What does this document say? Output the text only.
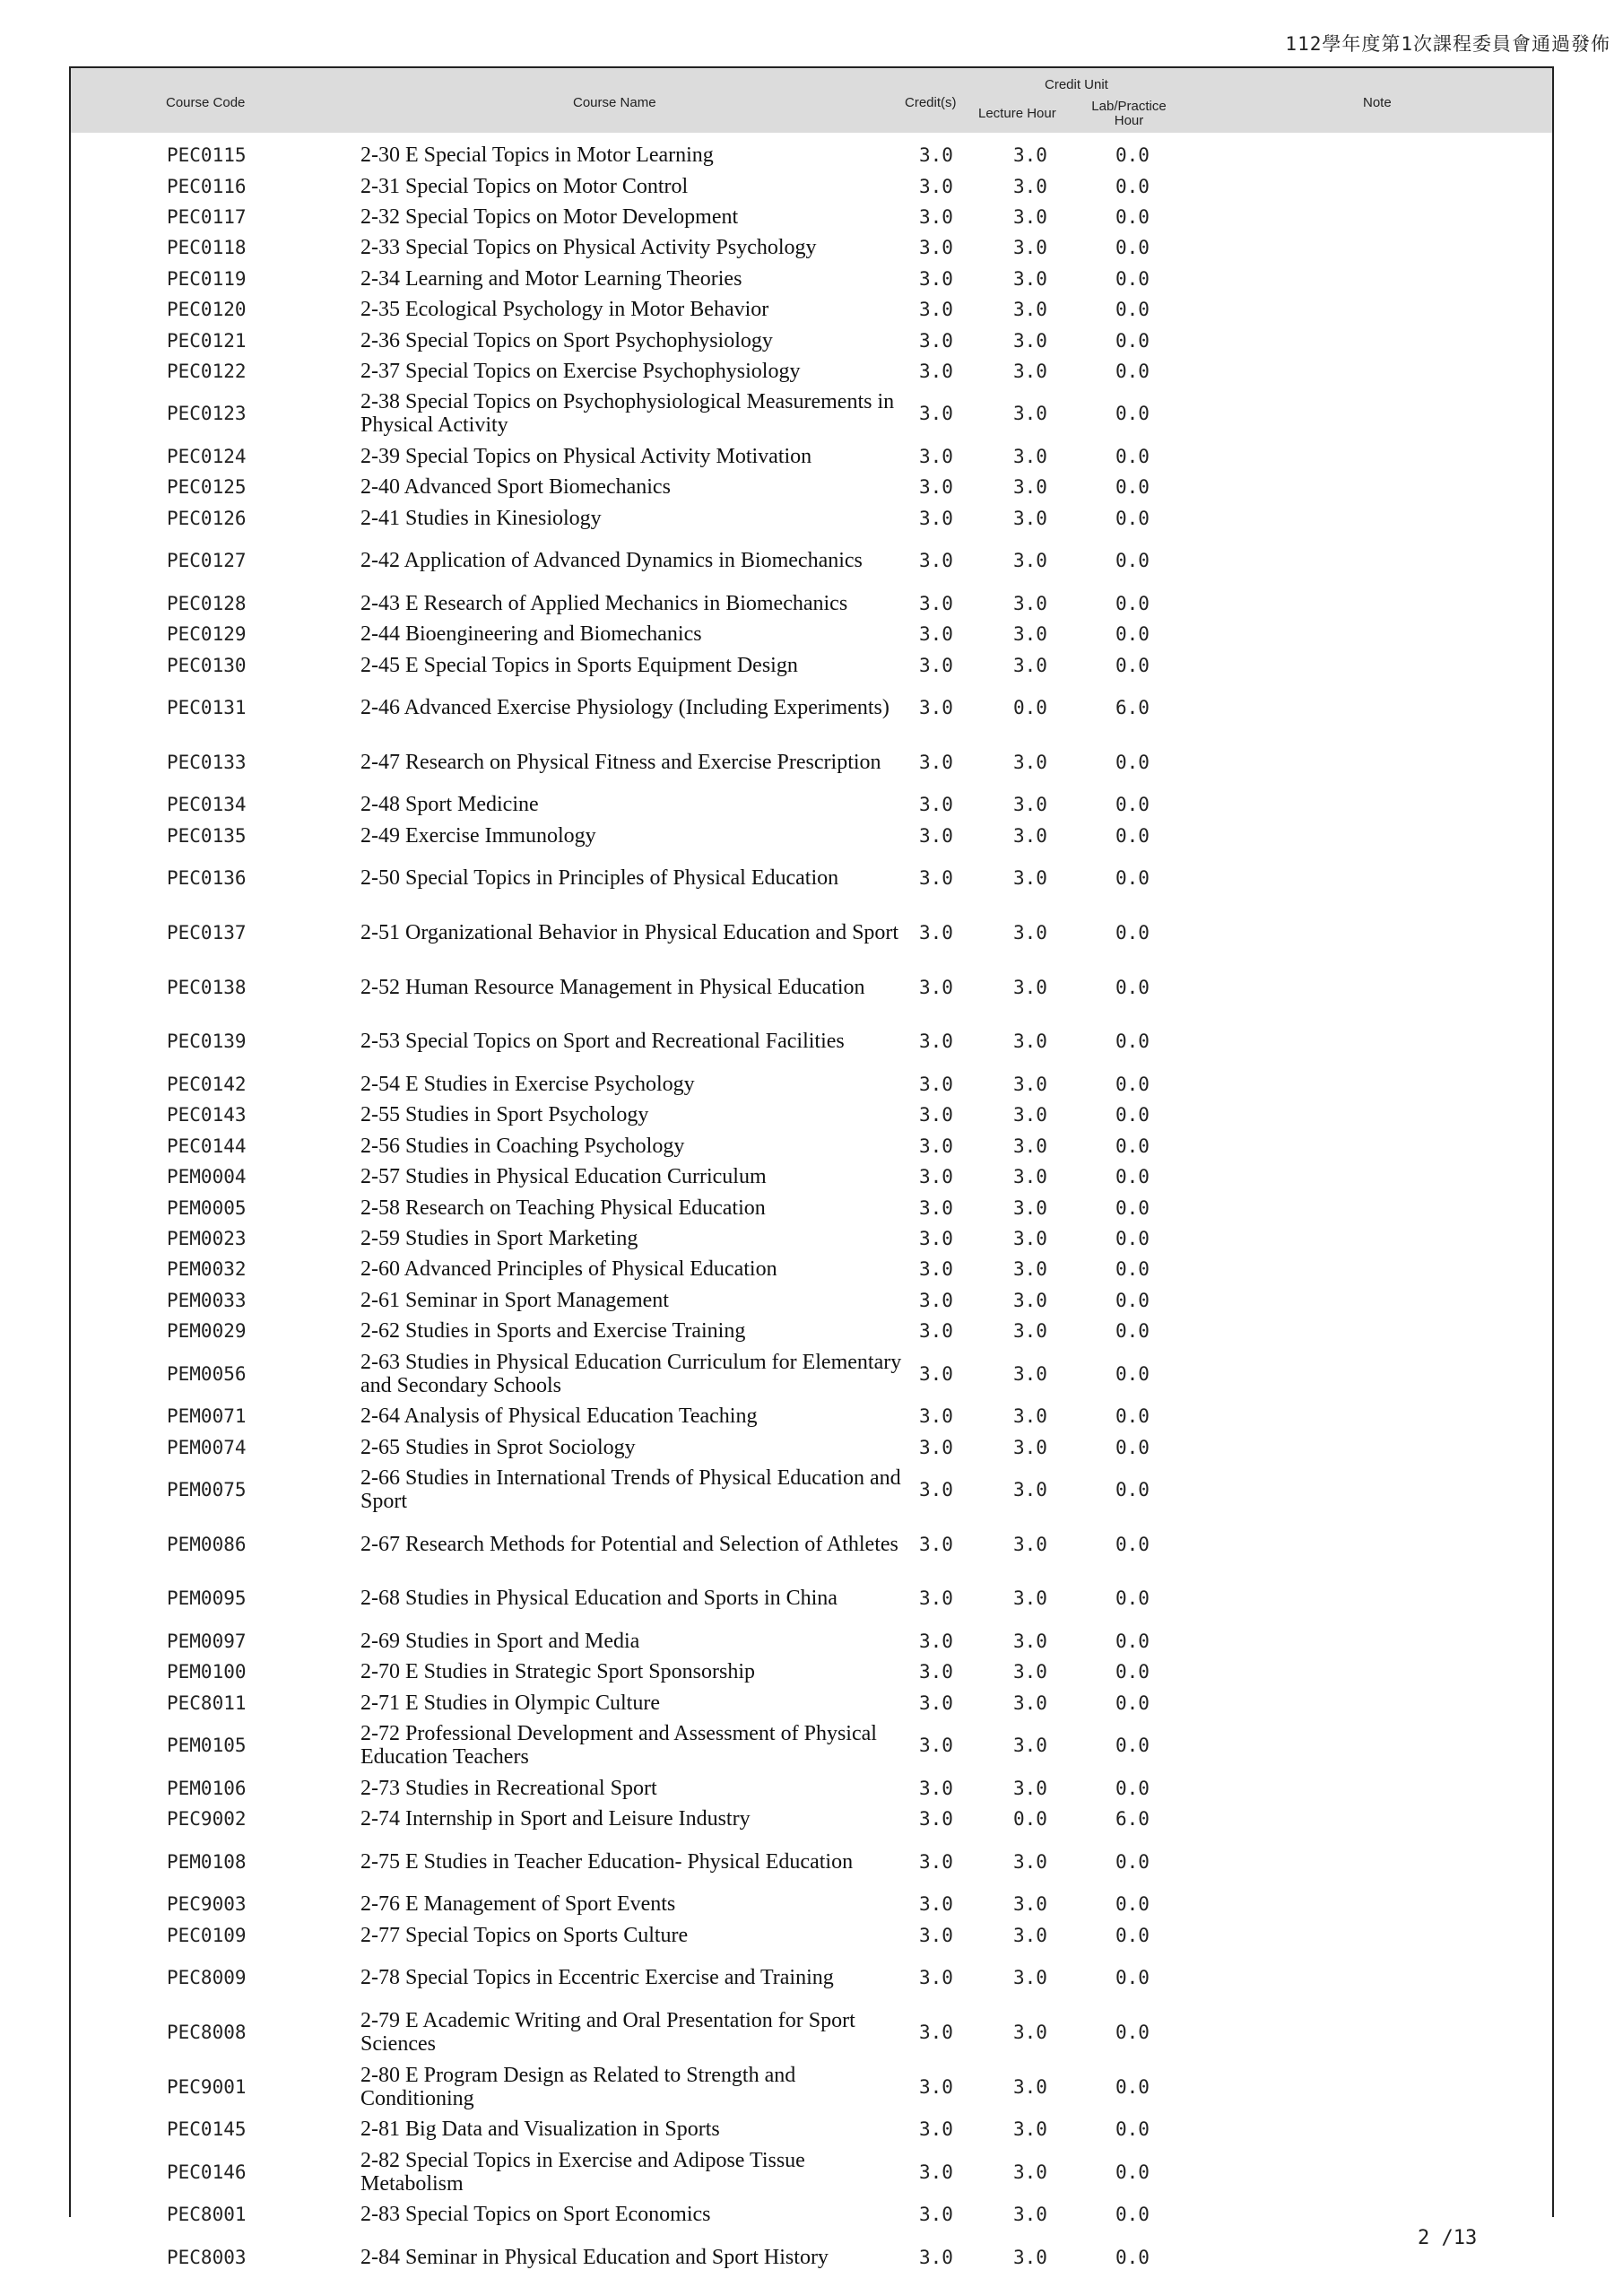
112學年度第1次課程委員會通過發佈
Course Code	Course Name	Credit(s)
Credit Unit
Lecture Hour	Lab/Practice Hour
Note
PEC0115	2-30 E Special Topics in Motor Learning	3.0	3.0	0.0
PEC0116	2-31 Special Topics on Motor Control	3.0	3.0	0.0
PEC0117	2-32 Special Topics on Motor Development	3.0	3.0	0.0
PEC0118	2-33 Special Topics on Physical Activity Psychology	3.0	3.0	0.0
PEC0119	2-34 Learning and Motor Learning Theories	3.0	3.0	0.0
PEC0120	2-35 Ecological Psychology in Motor Behavior	3.0	3.0	0.0
PEC0121	2-36 Special Topics on Sport Psychophysiology	3.0	3.0	0.0
PEC0122	2-37 Special Topics on Exercise Psychophysiology	3.0	3.0	0.0
PEC0123	2-38 Special Topics on Psychophysiological Measurements in Physical Activity	3.0	3.0	0.0
PEC0124	2-39 Special Topics on Physical Activity Motivation	3.0	3.0	0.0
PEC0125	2-40 Advanced Sport Biomechanics	3.0	3.0	0.0
PEC0126	2-41 Studies in Kinesiology	3.0	3.0	0.0
PEC0127	2-42 Application of Advanced Dynamics in Biomechanics	3.0	3.0	0.0
PEC0128	2-43 E Research of Applied Mechanics in Biomechanics	3.0	3.0	0.0
PEC0129	2-44 Bioengineering and Biomechanics	3.0	3.0	0.0
PEC0130	2-45 E Special Topics in Sports Equipment Design	3.0	3.0	0.0
PEC0131	2-46 Advanced Exercise Physiology (Including Experiments)	3.0	0.0	6.0
PEC0133	2-47 Research on Physical Fitness and Exercise Prescription	3.0	3.0	0.0
PEC0134	2-48 Sport Medicine	3.0	3.0	0.0
PEC0135	2-49 Exercise Immunology	3.0	3.0	0.0
PEC0136	2-50 Special Topics in Principles of Physical Education	3.0	3.0	0.0
PEC0137	2-51 Organizational Behavior in Physical Education and Sport	3.0	3.0	0.0
PEC0138	2-52 Human Resource Management in Physical Education	3.0	3.0	0.0
PEC0139	2-53 Special Topics on Sport and Recreational Facilities	3.0	3.0	0.0
PEC0142	2-54 E Studies in Exercise Psychology	3.0	3.0	0.0
PEC0143	2-55 Studies in Sport Psychology	3.0	3.0	0.0
PEC0144	2-56 Studies in Coaching Psychology	3.0	3.0	0.0
PEM0004	2-57 Studies in Physical Education Curriculum	3.0	3.0	0.0
PEM0005	2-58 Research on Teaching Physical Education	3.0	3.0	0.0
PEM0023	2-59 Studies in Sport Marketing	3.0	3.0	0.0
PEM0032	2-60 Advanced Principles of Physical Education	3.0	3.0	0.0
PEM0033	2-61 Seminar in Sport Management	3.0	3.0	0.0
PEM0029	2-62 Studies in Sports and Exercise Training	3.0	3.0	0.0
PEM0056	2-63 Studies in Physical Education Curriculum for Elementary and Secondary Schools	3.0	3.0	0.0
PEM0071	2-64 Analysis of Physical Education Teaching	3.0	3.0	0.0
PEM0074	2-65 Studies in Sprot Sociology	3.0	3.0	0.0
PEM0075	2-66 Studies in International Trends of Physical Education and Sport	3.0	3.0	0.0
PEM0086	2-67 Research Methods for Potential and Selection of Athletes	3.0	3.0	0.0
PEM0095	2-68 Studies in Physical Education and Sports in China	3.0	3.0	0.0
PEM0097	2-69 Studies in Sport and Media	3.0	3.0	0.0
PEM0100	2-70 E Studies in Strategic Sport Sponsorship	3.0	3.0	0.0
PEC8011	2-71 E Studies in Olympic Culture	3.0	3.0	0.0
PEM0105	2-72 Professional Development and Assessment of Physical Education Teachers	3.0	3.0	0.0
PEM0106	2-73 Studies in Recreational Sport	3.0	3.0	0.0
PEC9002	2-74 Internship in Sport and Leisure Industry	3.0	0.0	6.0
PEM0108	2-75 E Studies in Teacher Education- Physical Education	3.0	3.0	0.0
PEC9003	2-76 E Management of Sport Events	3.0	3.0	0.0
PEC0109	2-77 Special Topics on Sports Culture	3.0	3.0	0.0
PEC8009	2-78 Special Topics in Eccentric Exercise and Training	3.0	3.0	0.0
PEC8008	2-79 E Academic Writing and Oral Presentation for Sport Sciences	3.0	3.0	0.0
PEC9001	2-80 E Program Design as Related to Strength and Conditioning	3.0	3.0	0.0
PEC0145	2-81 Big Data and Visualization in Sports	3.0	3.0	0.0
PEC0146	2-82 Special Topics in Exercise and Adipose Tissue Metabolism	3.0	3.0	0.0
PEC8001	2-83 Special Topics on Sport Economics	3.0	3.0	0.0
PEC8003	2-84 Seminar in Physical Education and Sport History	3.0	3.0	0.0
2 /13
